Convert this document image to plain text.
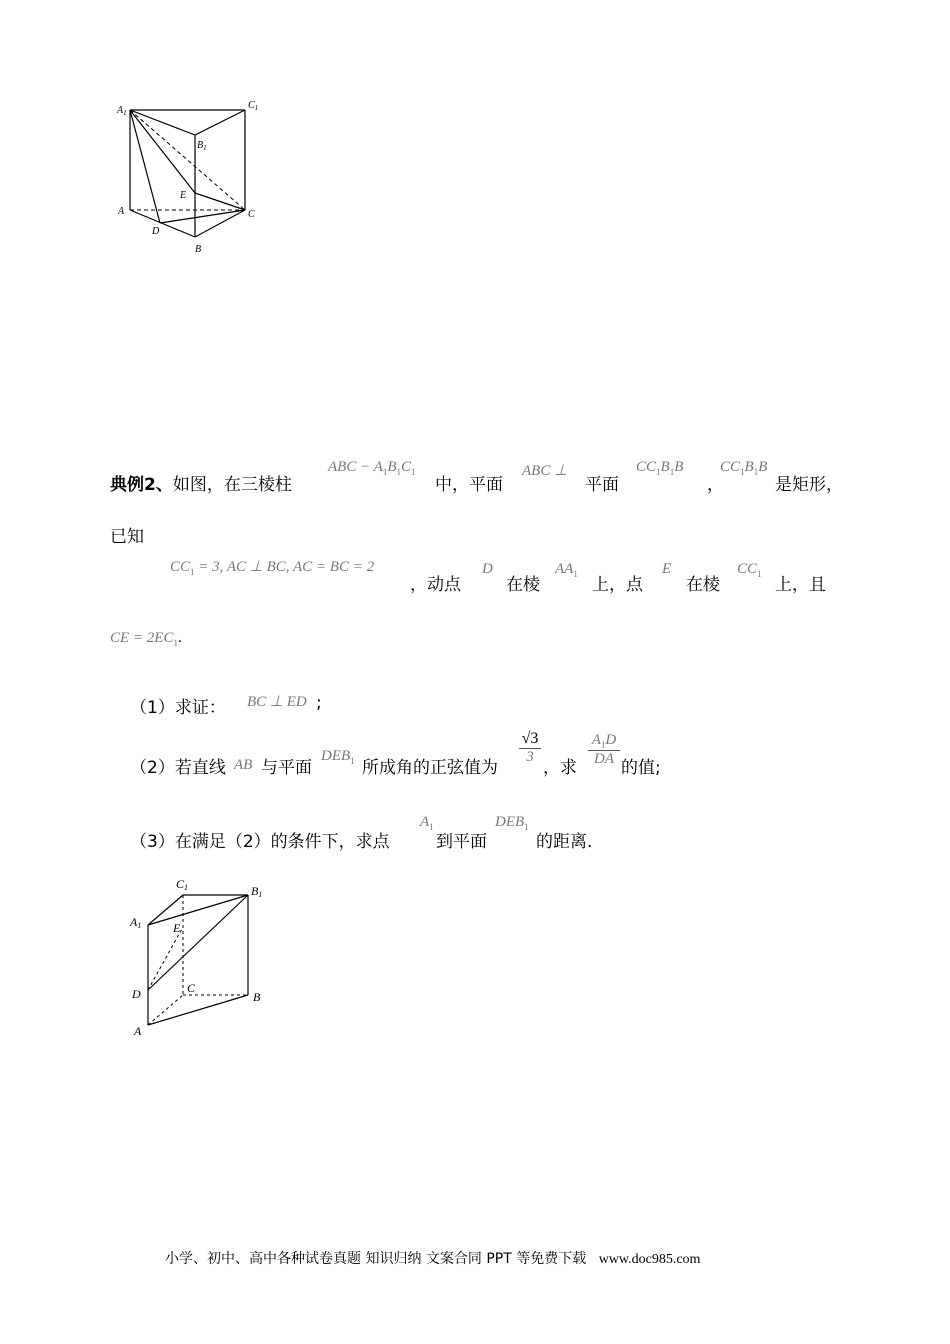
$A_1$
$C_1$
$B_1$
E
A	C
D
B
典例2、如图，在三棱柱
ABC − $A_1B_1C_1$
中，平面
ABC ⊥
平面
$CC_1B_1B$
，
$CC_1B_1B$
是矩形，
已知
$CC_1 = 3$, AC ⊥ BC, AC = BC = 2
，动点
D
在棱
$AA_1$
上，点
E
在棱
$CC_1$
上，且
CE = $2EC_1$.
（1）求证： BC ⊥ ED ;
（2）若直线 AB 与平面
$DEB_1$ 所成角的正弦值为
$\frac{√3}{3}$
，求 $\frac{A_1D}{DA}$ 的值;
（3）在满足（2）的条件下，求点
$A_1$
到平面
$DEB_1$
的距离.
C1	B1
A1	E
D	C
B
A
小学、初中、高中各种试卷真题 知识归纳 文案合同 PPT 等免费下载 www.doc985.com
